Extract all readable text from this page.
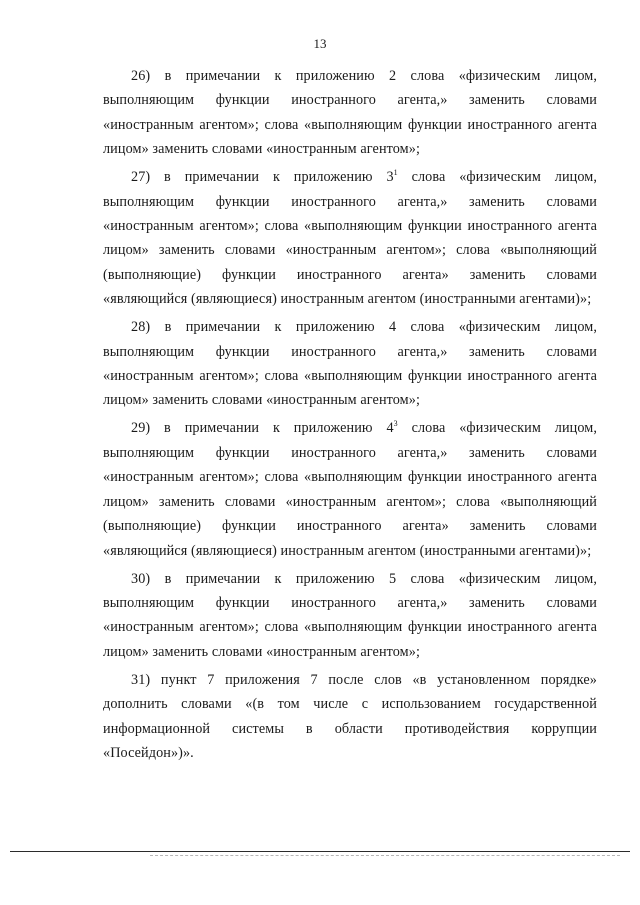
13

26) в примечании к приложению 2 слова «физическим лицом, выполняющим функции иностранного агента,» заменить словами «иностранным агентом»; слова «выполняющим функции иностранного агента лицом» заменить словами «иностранным агентом»;

27) в примечании к приложению $3^1$ слова «физическим лицом, выполняющим функции иностранного агента,» заменить словами «иностранным агентом»; слова «выполняющим функции иностранного агента лицом» заменить словами «иностранным агентом»; слова «выполняющий (выполняющие) функции иностранного агента» заменить словами «являющийся (являющиеся) иностранным агентом (иностранными агентами)»;

28) в примечании к приложению 4 слова «физическим лицом, выполняющим функции иностранного агента,» заменить словами «иностранным агентом»; слова «выполняющим функции иностранного агента лицом» заменить словами «иностранным агентом»;

29) в примечании к приложению $4^3$ слова «физическим лицом, выполняющим функции иностранного агента,» заменить словами «иностранным агентом»; слова «выполняющим функции иностранного агента лицом» заменить словами «иностранным агентом»; слова «выполняющий (выполняющие) функции иностранного агента» заменить словами «являющийся (являющиеся) иностранным агентом (иностранными агентами)»;

30) в примечании к приложению 5 слова «физическим лицом, выполняющим функции иностранного агента,» заменить словами «иностранным агентом»; слова «выполняющим функции иностранного агента лицом» заменить словами «иностранным агентом»;

31) пункт 7 приложения 7 после слов «в установленном порядке» дополнить словами «(в том числе с использованием государственной информационной системы в области противодействия коррупции «Посейдон»)».
